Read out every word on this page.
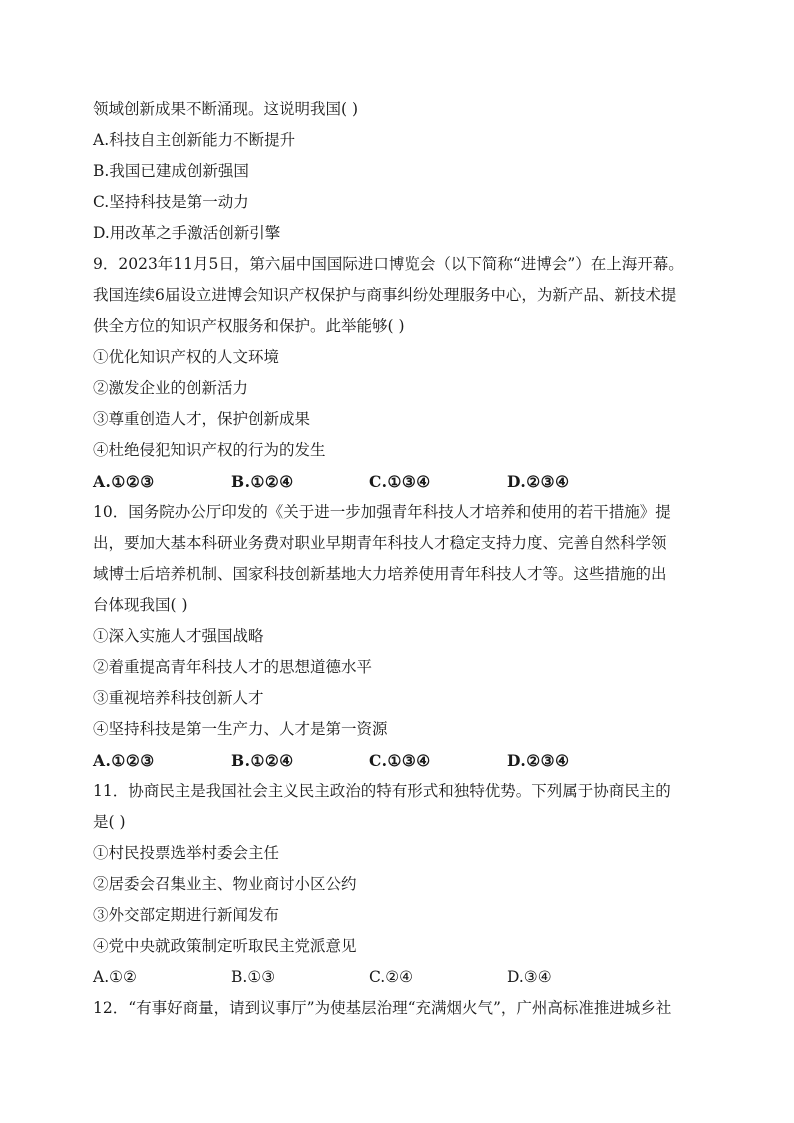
领域创新成果不断涌现。这说明我国( )
A.科技自主创新能力不断提升
B.我国已建成创新强国
C.坚持科技是第一动力
D.用改革之手激活创新引擎
9．2023年11月5日，第六届中国国际进口博览会（以下简称“进博会”）在上海开幕。
我国连续6届设立进博会知识产权保护与商事纠纷处理服务中心，为新产品、新技术提
供全方位的知识产权服务和保护。此举能够( )
①优化知识产权的人文环境
②激发企业的创新活力
③尊重创造人才，保护创新成果
④杜绝侵犯知识产权的行为的发生
A.①②③	B.①②④	C.①③④	D.②③④
10．国务院办公厅印发的《关于进一步加强青年科技人才培养和使用的若干措施》提
出，要加大基本科研业务费对职业早期青年科技人才稳定支持力度、完善自然科学领
域博士后培养机制、国家科技创新基地大力培养使用青年科技人才等。这些措施的出
台体现我国( )
①深入实施人才强国战略
②着重提高青年科技人才的思想道德水平
③重视培养科技创新人才
④坚持科技是第一生产力、人才是第一资源
A.①②③	B.①②④	C.①③④	D.②③④
11．协商民主是我国社会主义民主政治的特有形式和独特优势。下列属于协商民主的
是( )
①村民投票选举村委会主任
②居委会召集业主、物业商讨小区公约
③外交部定期进行新闻发布
④党中央就政策制定听取民主党派意见
A.①②	B.①③	C.②④	D.③④
12．“有事好商量，请到议事厅”为使基层治理“充满烟火气”，广州高标准推进城乡社
